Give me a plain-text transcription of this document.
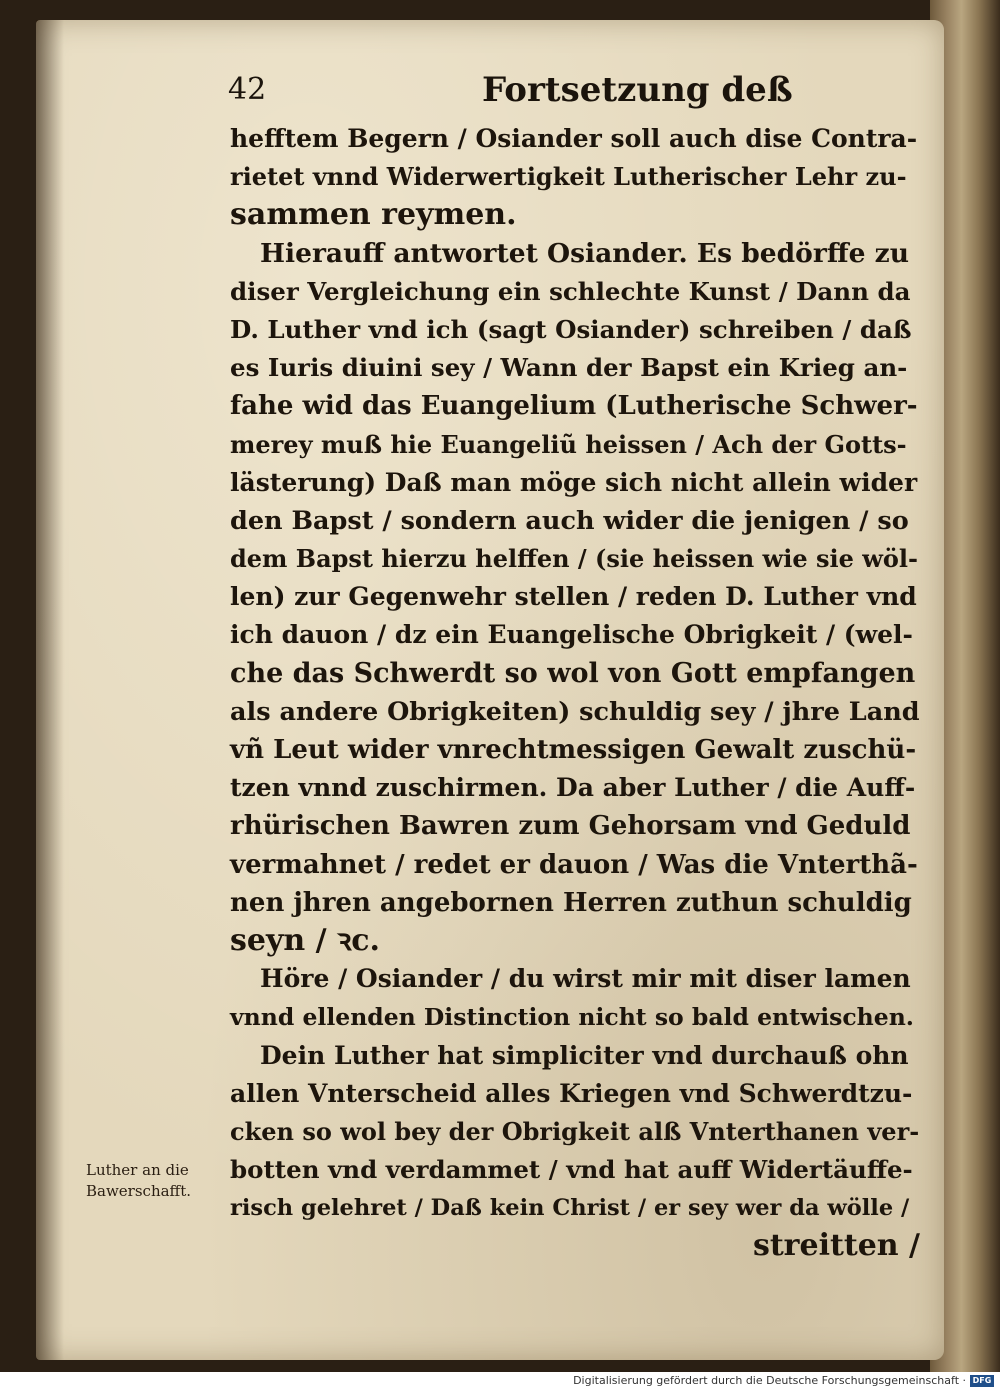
42	Fortsetzung deß
hefftem Begern / Osiander soll auch dise Contra-
rietet vnnd Widerwertigkeit Lutherischer Lehr zu-
sammen reymen.
Hierauff antwortet Osiander. Es bedörffe zu
diser Vergleichung ein schlechte Kunst / Dann da
D. Luther vnd ich (sagt Osiander) schreiben / daß
es Iuris diuini sey / Wann der Bapst ein Krieg an-
fahe wid das Euangelium (Lutherische Schwer-
merey muß hie Euangeliũ heissen / Ach der Gotts-
lästerung) Daß man möge sich nicht allein wider
den Bapst / sondern auch wider die jenigen / so
dem Bapst hierzu helffen / (sie heissen wie sie wöl-
len) zur Gegenwehr stellen / reden D. Luther vnd
ich dauon / dz ein Euangelische Obrigkeit / (wel-
che das Schwerdt so wol von Gott empfangen
als andere Obrigkeiten) schuldig sey / jhre Land
vñ Leut wider vnrechtmessigen Gewalt zuschü-
tzen vnnd zuschirmen. Da aber Luther / die Auff-
rhürischen Bawren zum Gehorsam vnd Geduld
vermahnet / redet er dauon / Was die Vnterthã-
nen jhren angebornen Herren zuthun schuldig
seyn / ꝛc.
Höre / Osiander / du wirst mir mit diser lamen
vnnd ellenden Distinction nicht so bald entwischen.
Dein Luther hat simpliciter vnd durchauß ohn
allen Vnterscheid alles Kriegen vnd Schwerdtzu-
cken so wol bey der Obrigkeit alß Vnterthanen ver-
botten vnd verdammet / vnd hat auff Widertäuffe-
risch gelehret / Daß kein Christ / er sey wer da wölle /
streitten /
Luther an die
Bawerschafft.
Digitalisierung gefördert durch die Deutsche Forschungsgemeinschaft · DFG
